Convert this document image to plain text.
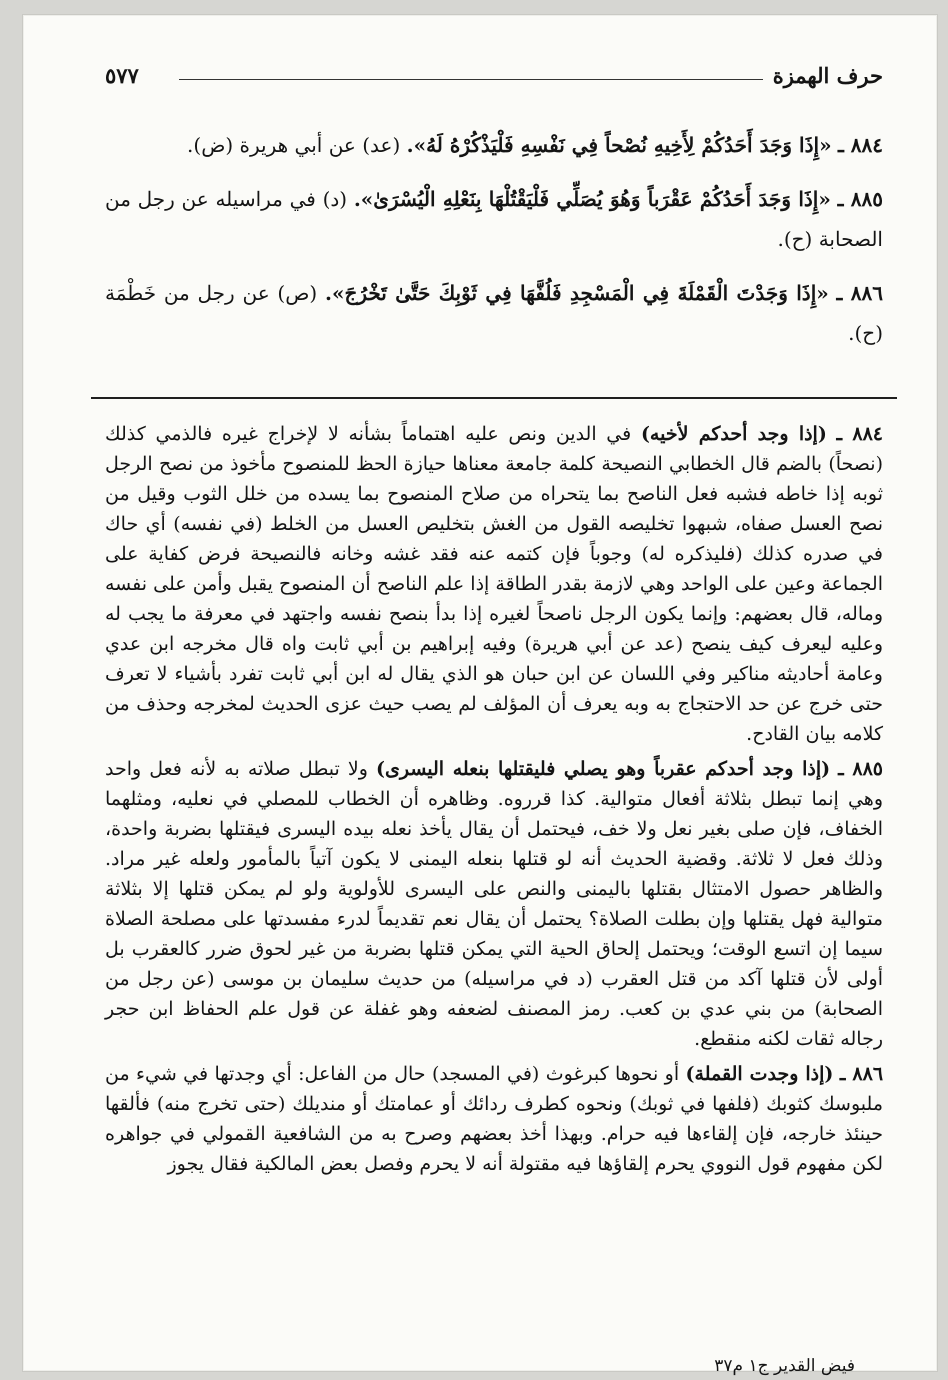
حرف الهمزة
٥٧٧

٨٨٤ ـ «إِذَا وَجَدَ أَحَدُكُمْ لِأَخِيهِ نُصْحاً فِي نَفْسِهِ فَلْيَذْكُرْهُ لَهُ». (عد) عن أبي هريرة (ض).

٨٨٥ ـ «إِذَا وَجَدَ أَحَدُكُمْ عَقْرَباً وَهُوَ يُصَلِّي فَلْيَقْتُلْهَا بِنَعْلِهِ الْيُسْرَىٰ». (د) في مراسيله عن رجل من الصحابة (ح).

٨٨٦ ـ «إِذَا وَجَدْتَ الْقَمْلَةَ فِي الْمَسْجِدِ فَلُفَّهَا فِي ثَوْبِكَ حَتَّىٰ تَخْرُجَ». (ص) عن رجل من خَطْمَة (ح).

٨٨٤ ـ (إذا وجد أحدكم لأخيه) في الدين ونص عليه اهتماماً بشأنه لا لإخراج غيره فالذمي كذلك (نصحاً) بالضم قال الخطابي النصيحة كلمة جامعة معناها حيازة الحظ للمنصوح مأخوذ من نصح الرجل ثوبه إذا خاطه فشبه فعل الناصح بما يتحراه من صلاح المنصوح بما يسده من خلل الثوب وقيل من نصح العسل صفاه، شبهوا تخليصه القول من الغش بتخليص العسل من الخلط (في نفسه) أي حاك في صدره كذلك (فليذكره له) وجوباً فإن كتمه عنه فقد غشه وخانه فالنصيحة فرض كفاية على الجماعة وعين على الواحد وهي لازمة بقدر الطاقة إذا علم الناصح أن المنصوح يقبل وأمن على نفسه وماله، قال بعضهم: وإنما يكون الرجل ناصحاً لغيره إذا بدأ بنصح نفسه واجتهد في معرفة ما يجب له وعليه ليعرف كيف ينصح (عد عن أبي هريرة) وفيه إبراهيم بن أبي ثابت واه قال مخرجه ابن عدي وعامة أحاديثه مناكير وفي اللسان عن ابن حبان هو الذي يقال له ابن أبي ثابت تفرد بأشياء لا تعرف حتى خرج عن حد الاحتجاج به وبه يعرف أن المؤلف لم يصب حيث عزى الحديث لمخرجه وحذف من كلامه بيان القادح.

٨٨٥ ـ (إذا وجد أحدكم عقرباً وهو يصلي فليقتلها بنعله اليسرى) ولا تبطل صلاته به لأنه فعل واحد وهي إنما تبطل بثلاثة أفعال متوالية. كذا قرروه. وظاهره أن الخطاب للمصلي في نعليه، ومثلهما الخفاف، فإن صلى بغير نعل ولا خف، فيحتمل أن يقال يأخذ نعله بيده اليسرى فيقتلها بضربة واحدة، وذلك فعل لا ثلاثة. وقضية الحديث أنه لو قتلها بنعله اليمنى لا يكون آتياً بالمأمور ولعله غير مراد. والظاهر حصول الامتثال بقتلها باليمنى والنص على اليسرى للأولوية ولو لم يمكن قتلها إلا بثلاثة متوالية فهل يقتلها وإن بطلت الصلاة؟ يحتمل أن يقال نعم تقديماً لدرء مفسدتها على مصلحة الصلاة سيما إن اتسع الوقت؛ ويحتمل إلحاق الحية التي يمكن قتلها بضربة من غير لحوق ضرر كالعقرب بل أولى لأن قتلها آكد من قتل العقرب (د في مراسيله) من حديث سليمان بن موسى (عن رجل من الصحابة) من بني عدي بن كعب. رمز المصنف لضعفه وهو غفلة عن قول علم الحفاظ ابن حجر رجاله ثقات لكنه منقطع.

٨٨٦ ـ (إذا وجدت القملة) أو نحوها كبرغوث (في المسجد) حال من الفاعل: أي وجدتها في شيء من ملبوسك كثوبك (فلفها في ثوبك) ونحوه كطرف ردائك أو عمامتك أو منديلك (حتى تخرج منه) فألقها حينئذ خارجه، فإن إلقاءها فيه حرام. وبهذا أخذ بعضهم وصرح به من الشافعية القمولي في جواهره لكن مفهوم قول النووي يحرم إلقاؤها فيه مقتولة أنه لا يحرم وفصل بعض المالكية فقال يجوز

فيض القدير ج١ م٣٧
